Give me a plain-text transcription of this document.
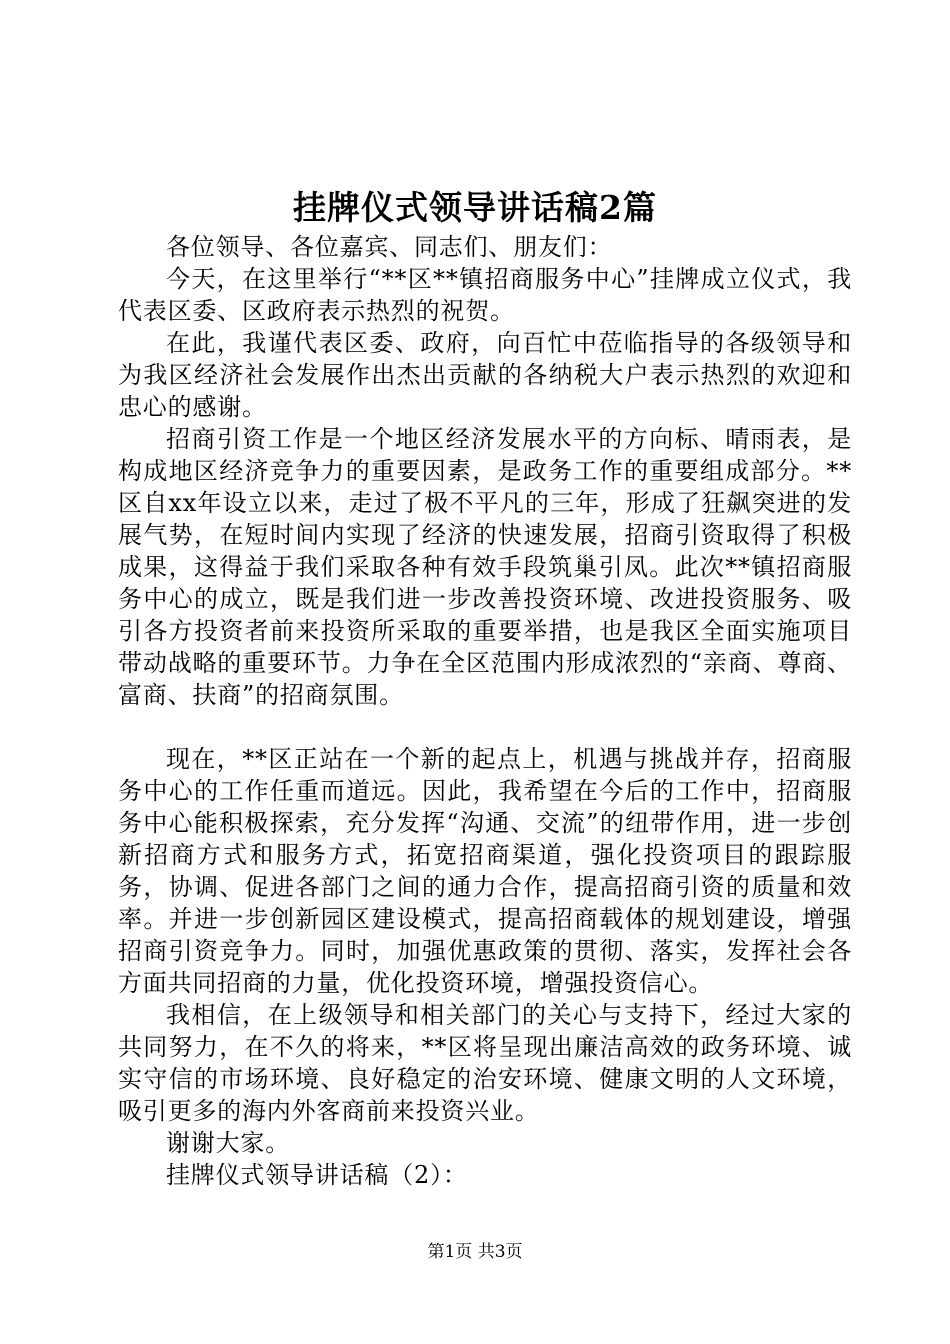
挂牌仪式领导讲话稿2篇

各位领导、各位嘉宾、同志们、朋友们：

今天，在这里举行“**区**镇招商服务中心”挂牌成立仪式，我代表区委、区政府表示热烈的祝贺。

在此，我谨代表区委、政府，向百忙中莅临指导的各级领导和为我区经济社会发展作出杰出贡献的各纳税大户表示热烈的欢迎和忠心的感谢。

招商引资工作是一个地区经济发展水平的方向标、晴雨表，是构成地区经济竞争力的重要因素，是政务工作的重要组成部分。**区自xx年设立以来，走过了极不平凡的三年，形成了狂飙突进的发展气势，在短时间内实现了经济的快速发展，招商引资取得了积极成果，这得益于我们采取各种有效手段筑巢引凤。此次**镇招商服务中心的成立，既是我们进一步改善投资环境、改进投资服务、吸引各方投资者前来投资所采取的重要举措，也是我区全面实施项目带动战略的重要环节。力争在全区范围内形成浓烈的“亲商、尊商、富商、扶商”的招商氛围。

现在，**区正站在一个新的起点上，机遇与挑战并存，招商服务中心的工作任重而道远。因此，我希望在今后的工作中，招商服务中心能积极探索，充分发挥“沟通、交流”的纽带作用，进一步创新招商方式和服务方式，拓宽招商渠道，强化投资项目的跟踪服务，协调、促进各部门之间的通力合作，提高招商引资的质量和效率。并进一步创新园区建设模式，提高招商载体的规划建设，增强招商引资竞争力。同时，加强优惠政策的贯彻、落实，发挥社会各方面共同招商的力量，优化投资环境，增强投资信心。

我相信，在上级领导和相关部门的关心与支持下，经过大家的共同努力，在不久的将来，**区将呈现出廉洁高效的政务环境、诚实守信的市场环境、良好稳定的治安环境、健康文明的人文环境，吸引更多的海内外客商前来投资兴业。

谢谢大家。

挂牌仪式领导讲话稿（2）：

第1页 共3页
